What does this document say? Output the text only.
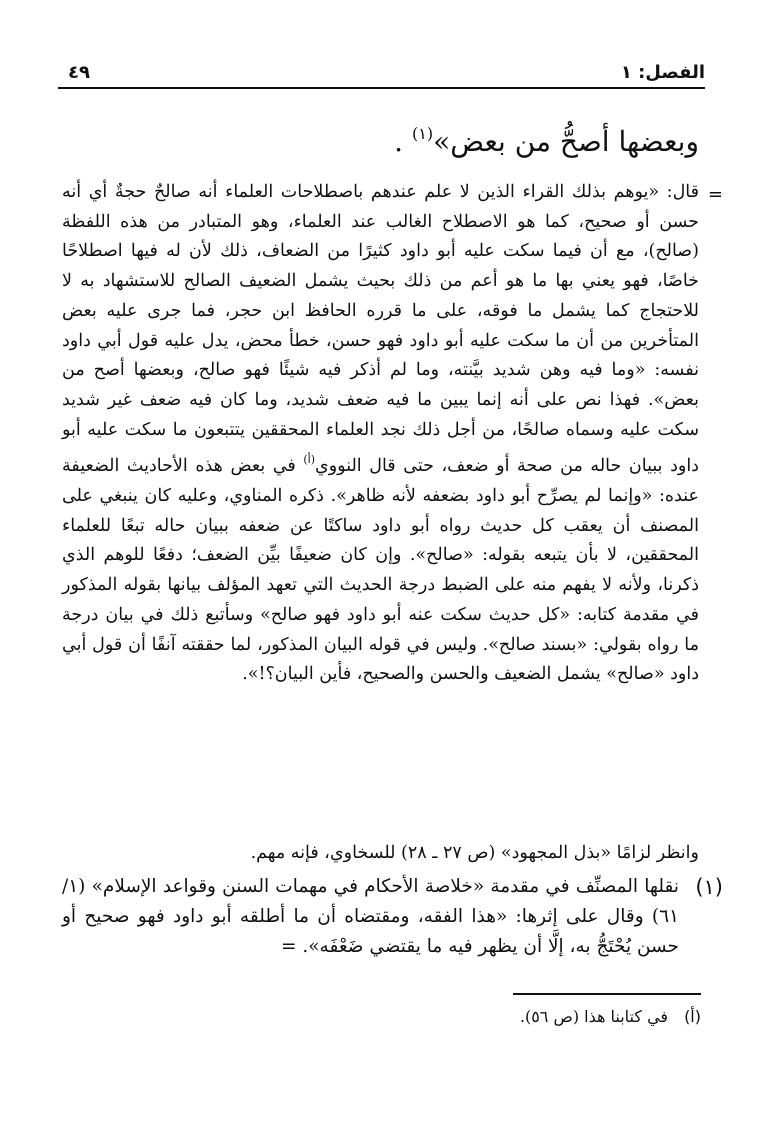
الفصل: ١
٤٩
وبعضها أصحُّ من بعض»$^{(١)}$ .
=

قال: «يوهم بذلك القراء الذين لا علم عندهم باصطلاحات العلماء أنه صالحٌ حجةٌ أي أنه حسن أو صحيح، كما هو الاصطلاح الغالب عند العلماء، وهو المتبادر من هذه اللفظة (صالح)، مع أن فيما سكت عليه أبو داود كثيرًا من الضعاف، ذلك لأن له فيها اصطلاحًا خاصًا، فهو يعني بها ما هو أعم من ذلك بحيث يشمل الضعيف الصالح للاستشهاد به لا للاحتجاج كما يشمل ما فوقه، على ما قرره الحافظ ابن حجر، فما جرى عليه بعض المتأخرين من أن ما سكت عليه أبو داود فهو حسن، خطأ محض، يدل عليه قول أبي داود نفسه: «وما فيه وهن شديد بيَّنته، وما لم أذكر فيه شيئًا فهو صالح، وبعضها أصح من بعض». فهذا نص على أنه إنما يبين ما فيه ضعف شديد، وما كان فيه ضعف غير شديد سكت عليه وسماه صالحًا، من أجل ذلك نجد العلماء المحققين يتتبعون ما سكت عليه أبو داود ببيان حاله من صحة أو ضعف، حتى قال النووي$^{(أ)}$ في بعض هذه الأحاديث الضعيفة عنده: «وإنما لم يصرِّح أبو داود بضعفه لأنه ظاهر». ذكره المناوي، وعليه كان ينبغي على المصنف أن يعقب كل حديث رواه أبو داود ساكتًا عن ضعفه ببيان حاله تبعًا للعلماء المحققين، لا بأن يتبعه بقوله: «صالح». وإن كان ضعيفًا بيِّن الضعف؛ دفعًا للوهم الذي ذكرنا، ولأنه لا يفهم منه على الضبط درجة الحديث التي تعهد المؤلف بيانها بقوله المذكور في مقدمة كتابه: «كل حديث سكت عنه أبو داود فهو صالح» وسأتبع ذلك في بيان درجة ما رواه بقولي: «بسند صالح». وليس في قوله البيان المذكور، لما حققته آنفًا أن قول أبي داود «صالح» يشمل الضعيف والحسن والصحيح، فأين البيان؟!».

وانظر لزامًا «بذل المجهود» (ص ٢٧ ـ ٢٨) للسخاوي، فإنه مهم.
(١)
نقلها المصنِّف في مقدمة «خلاصة الأحكام في مهمات السنن وقواعد الإسلام» (١/ ٦١) وقال على إثرها: «هذا الفقه، ومقتضاه أن ما أطلقه أبو داود فهو صحيح أو حسن يُحْتَجُّ به، إلَّا أن يظهر فيه ما يقتضي ضَعْفَه». =
(أ)
في كتابنا هذا (ص ٥٦).
